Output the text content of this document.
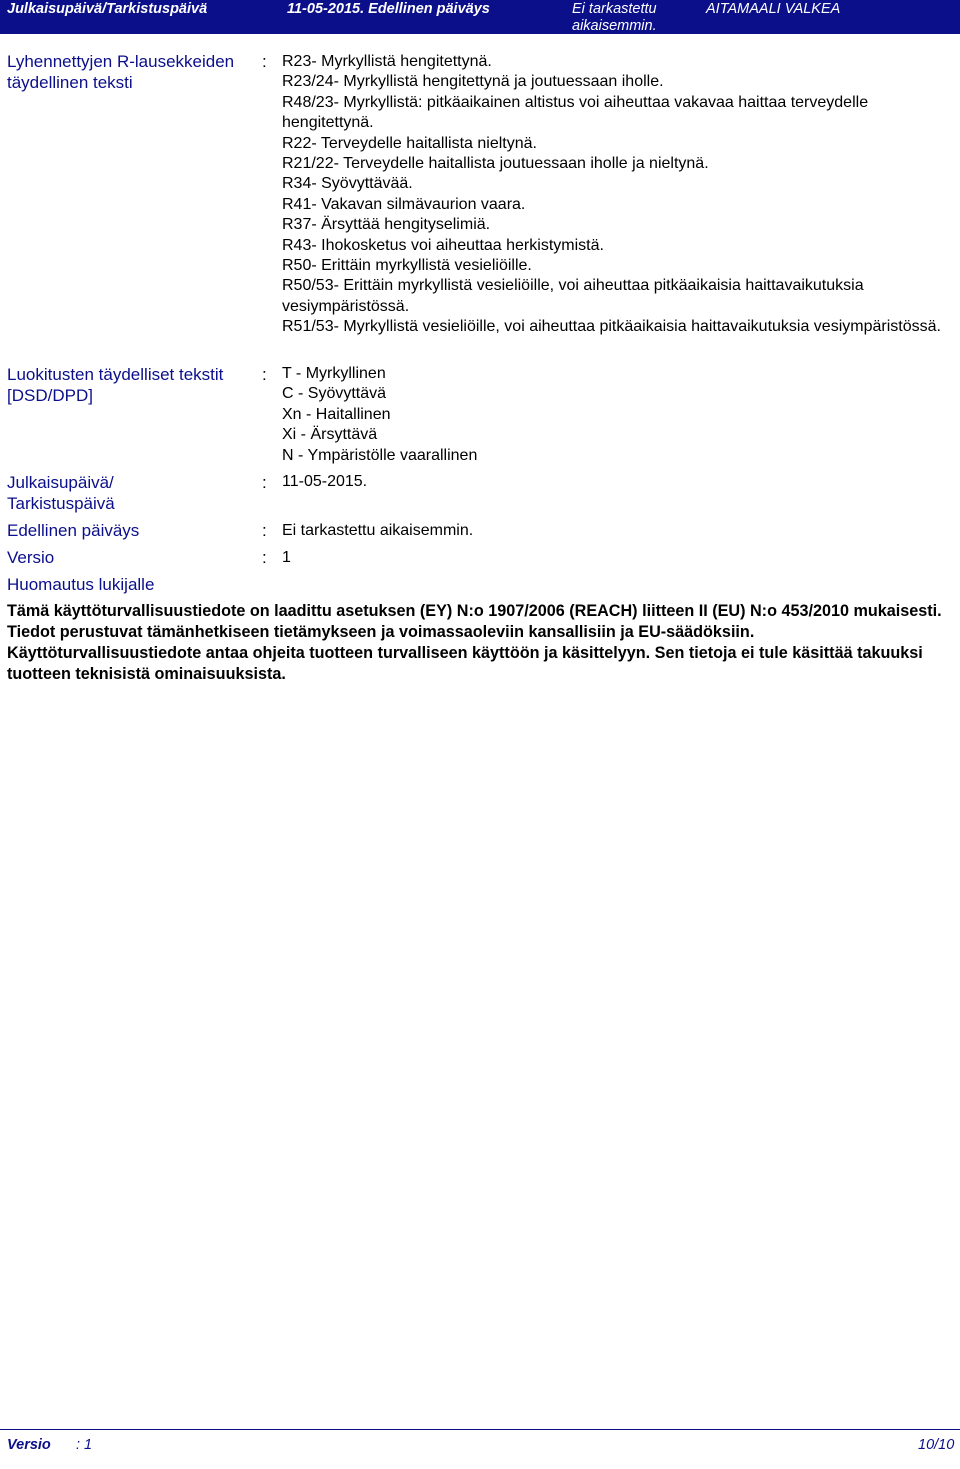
Julkaisupäivä/Tarkistuspäivä	11-05-2015. Edellinen päiväys	Ei tarkastettu aikaisemmin.
AITAMAALI VALKEA
Lyhennettyjen R-lausekkeiden täydellinen teksti
: R23- Myrkyllistä hengitettynä.
R23/24- Myrkyllistä hengitettynä ja joutuessaan iholle.
R48/23- Myrkyllistä: pitkäaikainen altistus voi aiheuttaa vakavaa haittaa terveydelle hengitettynä.
R22- Terveydelle haitallista nieltynä.
R21/22- Terveydelle haitallista joutuessaan iholle ja nieltynä.
R34- Syövyttävää.
R41- Vakavan silmävaurion vaara.
R37- Ärsyttää hengityselimiä.
R43- Ihokosketus voi aiheuttaa herkistymistä.
R50- Erittäin myrkyllistä vesieliöille.
R50/53- Erittäin myrkyllistä vesieliöille, voi aiheuttaa pitkäaikaisia haittavaikutuksia vesiympäristössä.
R51/53- Myrkyllistä vesieliöille, voi aiheuttaa pitkäaikaisia haittavaikutuksia vesiympäristössä.
Luokitusten täydelliset tekstit [DSD/DPD]
: T - Myrkyllinen
C - Syövyttävä
Xn - Haitallinen
Xi - Ärsyttävä
N - Ympäristölle vaarallinen
Julkaisupäivä/ Tarkistuspäivä
: 11-05-2015.
Edellinen päiväys	: Ei tarkastettu aikaisemmin.
Versio	: 1
Huomautus lukijalle
Tämä käyttöturvallisuustiedote on laadittu asetuksen (EY) N:o 1907/2006 (REACH) liitteen II (EU) N:o 453/2010 mukaisesti. Tiedot perustuvat tämänhetkiseen tietämykseen ja voimassaoleviin kansallisiin ja EU-säädöksiin. Käyttöturvallisuustiedote antaa ohjeita tuotteen turvalliseen käyttöön ja käsittelyyn. Sen tietoja ei tule käsittää takuuksi tuotteen teknisistä ominaisuuksista.
Versio : 1	10/10
